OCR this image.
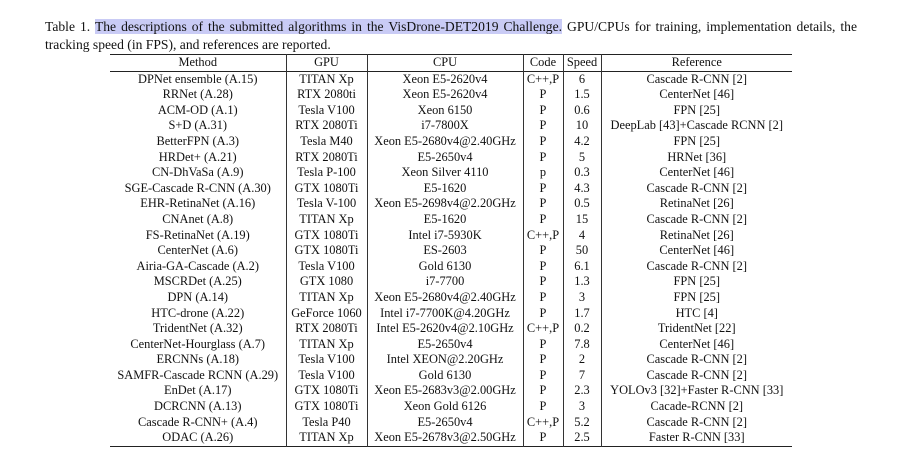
Table 1. The descriptions of the submitted algorithms in the VisDrone-DET2019 Challenge. GPU/CPUs for training, implementation details, the tracking speed (in FPS), and references are reported.
Method	GPU	CPU	Code	Speed	Reference
DPNet ensemble (A.15)	TITAN Xp	Xeon E5-2620v4	C++,P	6	Cascade R-CNN [2]
RRNet (A.28)	RTX 2080ti	Xeon E5-2620v4	P	1.5	CenterNet [46]
ACM-OD (A.1)	Tesla V100	Xeon 6150	P	0.6	FPN [25]
S+D (A.31)	RTX 2080Ti	i7-7800X	P	10	DeepLab [43]+Cascade RCNN [2]
BetterFPN (A.3)	Tesla M40	Xeon E5-2680v4@2.40GHz	P	4.2	FPN [25]
HRDet+ (A.21)	RTX 2080Ti	E5-2650v4	P	5	HRNet [36]
CN-DhVaSa (A.9)	Tesla P-100	Xeon Silver 4110	p	0.3	CenterNet [46]
SGE-Cascade R-CNN (A.30)	GTX 1080Ti	E5-1620	P	4.3	Cascade R-CNN [2]
EHR-RetinaNet (A.16)	Tesla V-100	Xeon E5-2698v4@2.20GHz	P	0.5	RetinaNet [26]
CNAnet (A.8)	TITAN Xp	E5-1620	P	15	Cascade R-CNN [2]
FS-RetinaNet (A.19)	GTX 1080Ti	Intel i7-5930K	C++,P	4	RetinaNet [26]
CenterNet (A.6)	GTX 1080Ti	ES-2603	P	50	CenterNet [46]
Airia-GA-Cascade (A.2)	Tesla V100	Gold 6130	P	6.1	Cascade R-CNN [2]
MSCRDet (A.25)	GTX 1080	i7-7700	P	1.3	FPN [25]
DPN (A.14)	TITAN Xp	Xeon E5-2680v4@2.40GHz	P	3	FPN [25]
HTC-drone (A.22)	GeForce 1060	Intel i7-7700K@4.20GHz	P	1.7	HTC [4]
TridentNet (A.32)	RTX 2080Ti	Intel E5-2620v4@2.10GHz	C++,P	0.2	TridentNet [22]
CenterNet-Hourglass (A.7)	TITAN Xp	E5-2650v4	P	7.8	CenterNet [46]
ERCNNs (A.18)	Tesla V100	Intel XEON@2.20GHz	P	2	Cascade R-CNN [2]
SAMFR-Cascade RCNN (A.29)	Tesla V100	Gold 6130	P	7	Cascade R-CNN [2]
EnDet (A.17)	GTX 1080Ti	Xeon E5-2683v3@2.00GHz	P	2.3	YOLOv3 [32]+Faster R-CNN [33]
DCRCNN (A.13)	GTX 1080Ti	Xeon Gold 6126	P	3	Cacade-RCNN [2]
Cascade R-CNN+ (A.4)	Tesla P40	E5-2650v4	C++,P	5.2	Cascade R-CNN [2]
ODAC (A.26)	TITAN Xp	Xeon E5-2678v3@2.50GHz	P	2.5	Faster R-CNN [33]
